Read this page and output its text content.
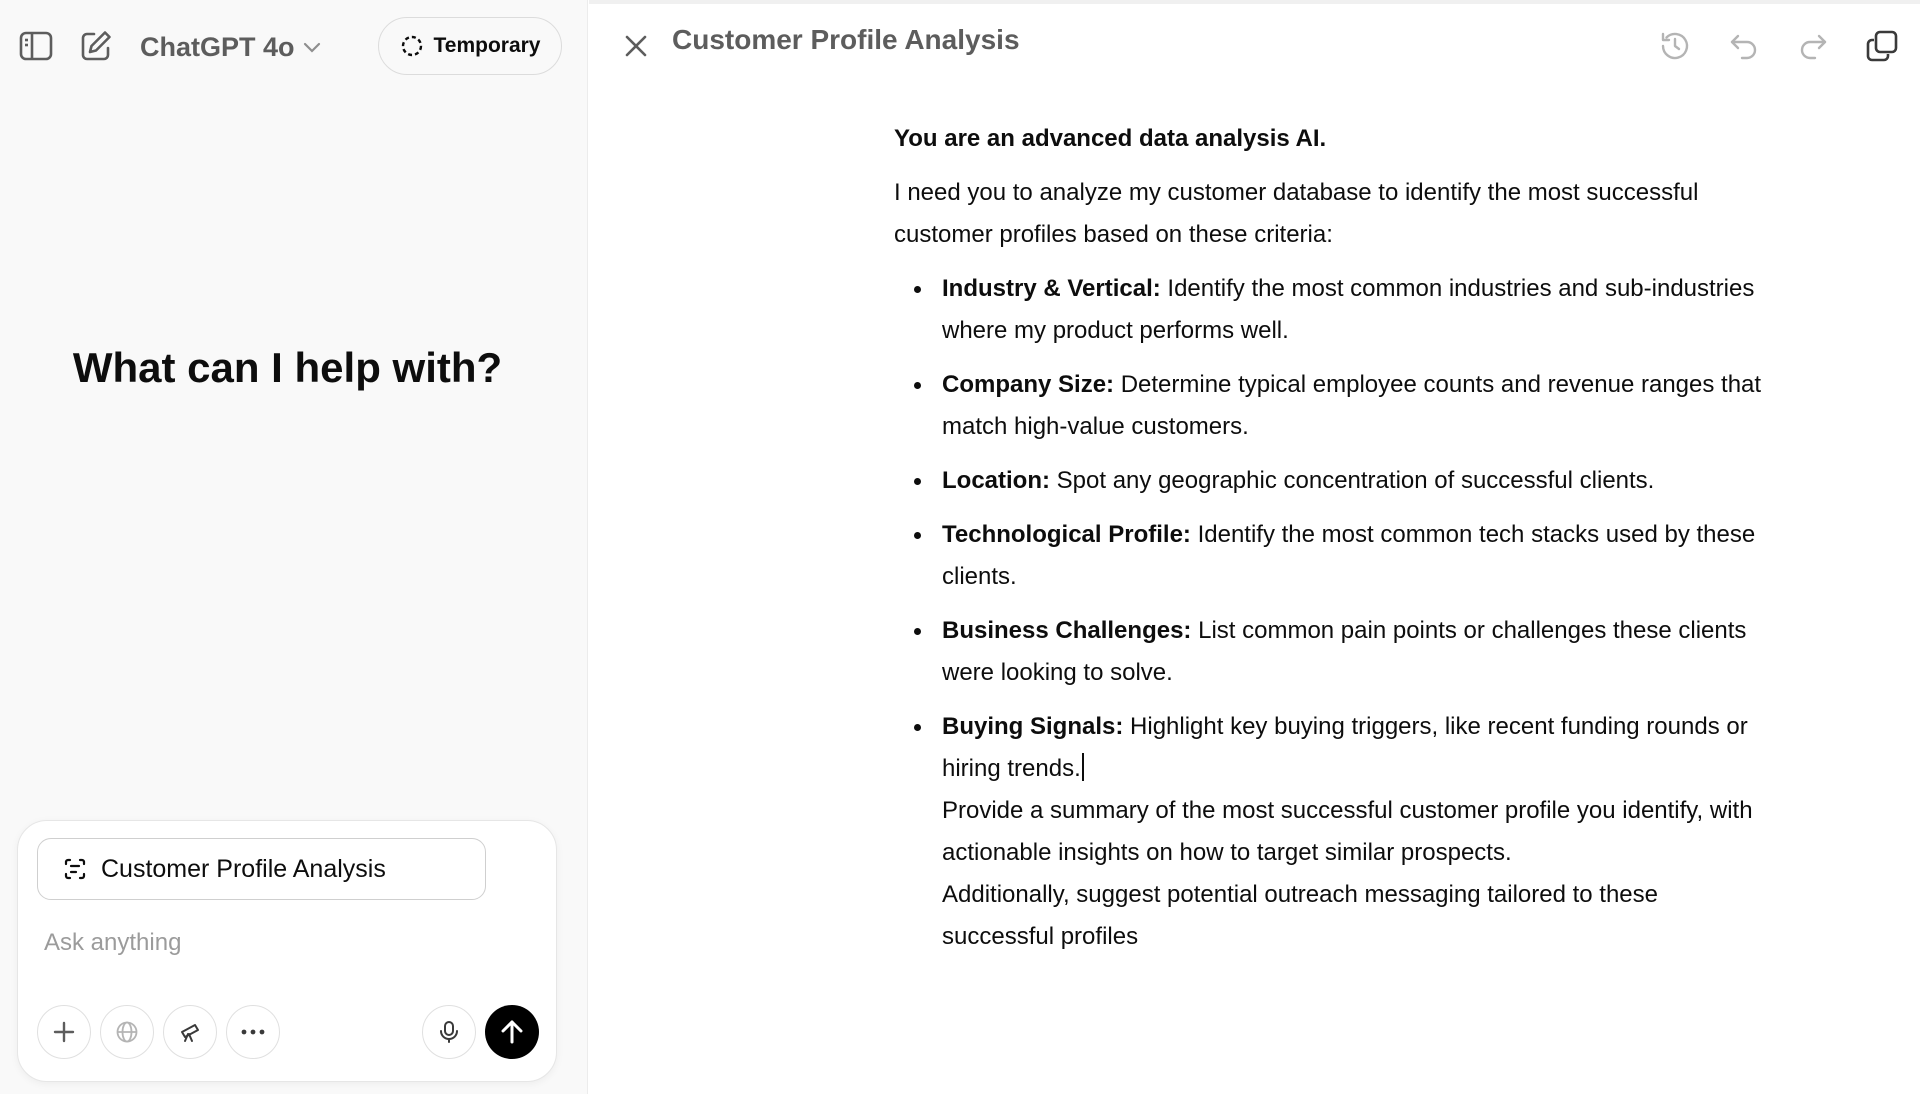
ChatGPT 4o	Temporary
What can I help with?
Customer Profile Analysis
Ask anything
Customer Profile Analysis

You are an advanced data analysis AI.

I need you to analyze my customer database to identify the most successful customer profiles based on these criteria:

Industry & Vertical: Identify the most common industries and sub-industries where my product performs well.
Company Size: Determine typical employee counts and revenue ranges that match high-value customers.
Location: Spot any geographic concentration of successful clients.
Technological Profile: Identify the most common tech stacks used by these clients.
Business Challenges: List common pain points or challenges these clients were looking to solve.
Buying Signals: Highlight key buying triggers, like recent funding rounds or hiring trends.
Provide a summary of the most successful customer profile you identify, with actionable insights on how to target similar prospects.
Additionally, suggest potential outreach messaging tailored to these successful profiles
